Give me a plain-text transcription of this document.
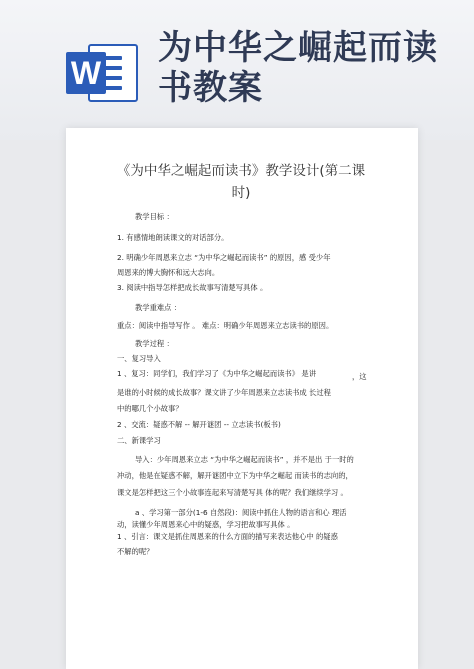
W
为中华之崛起而读
书教案
《为中华之崛起而读书》教学设计(第二课
时)
教学目标 ：
1. 有感情地朗读课文的对话部分。
2. 明确少年周恩来立志 “为中华之崛起而读书” 的原因，感 受少年
周恩来的博大胸怀和远大志向。
3. 阅读中指导怎样把成长故事写清楚写具体 。
教学重难点 ：
重点：阅读中指导写作 。 难点：明确少年周恩来立志读书的原因。
教学过程 ：
一、复习导入
1 、复习：同学们，我们学习了《为中华之崛起而读书》 是讲	，这
是谁的小时候的成长故事？课文讲了少年周恩来立志读书成 长过程
中的哪几个小故事？
2 、交流：疑惑不解 -- 解开谜团 -- 立志读书(板书)
二、新课学习
导入：少年周恩来立志 “为中华之崛起而读书” ，并不是出 于一时的
冲动，他是在疑惑不解，解开谜团中立下为中华之崛起 而读书的志向的，
课文是怎样把这三个小故事连起来写清楚写具 体的呢？我们继续学习 。
a 、学习第一部分(1-6 自然段)：阅读中抓住人物的语言和心 理活
动，读懂少年周恩来心中的疑惑，学习把故事写具体 。
1 、引言：课文是抓住周恩来的什么方面的描写来表达他心中 的疑惑
不解的呢？
